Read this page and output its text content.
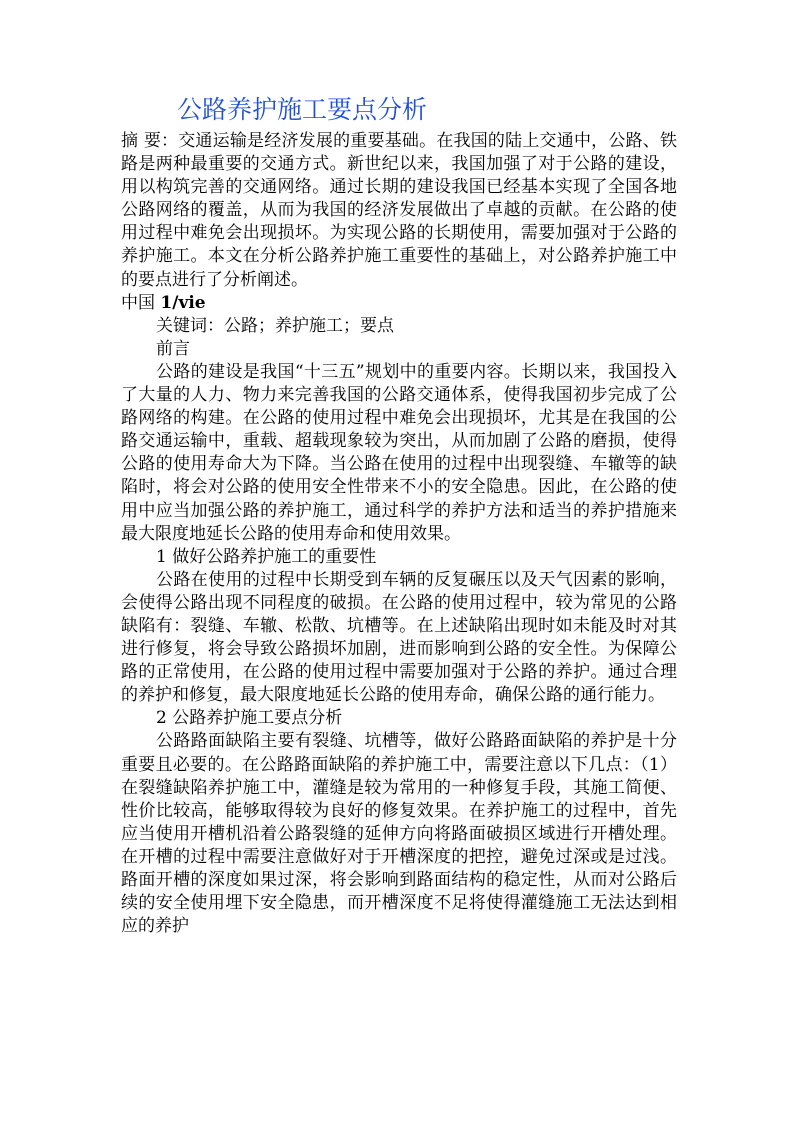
公路养护施工要点分析

摘 要：交通运输是经济发展的重要基础。在我国的陆上交通中，公路、铁路是两种最重要的交通方式。新世纪以来，我国加强了对于公路的建设，用以构筑完善的交通网络。通过长期的建设我国已经基本实现了全国各地公路网络的覆盖，从而为我国的经济发展做出了卓越的贡献。在公路的使用过程中难免会出现损坏。为实现公路的长期使用，需要加强对于公路的养护施工。本文在分析公路养护施工重要性的基础上，对公路养护施工中的要点进行了分析阐述。

中国 1/vie

关键词：公路；养护施工；要点

前言

公路的建设是我国“十三五”规划中的重要内容。长期以来，我国投入了大量的人力、物力来完善我国的公路交通体系，使得我国初步完成了公路网络的构建。在公路的使用过程中难免会出现损坏，尤其是在我国的公路交通运输中，重载、超载现象较为突出，从而加剧了公路的磨损，使得公路的使用寿命大为下降。当公路在使用的过程中出现裂缝、车辙等的缺陷时，将会对公路的使用安全性带来不小的安全隐患。因此，在公路的使用中应当加强公路的养护施工，通过科学的养护方法和适当的养护措施来最大限度地延长公路的使用寿命和使用效果。

1 做好公路养护施工的重要性

公路在使用的过程中长期受到车辆的反复碾压以及天气因素的影响，会使得公路出现不同程度的破损。在公路的使用过程中，较为常见的公路缺陷有：裂缝、车辙、松散、坑槽等。在上述缺陷出现时如未能及时对其进行修复，将会导致公路损坏加剧，进而影响到公路的安全性。为保障公路的正常使用，在公路的使用过程中需要加强对于公路的养护。通过合理的养护和修复，最大限度地延长公路的使用寿命，确保公路的通行能力。

2 公路养护施工要点分析

公路路面缺陷主要有裂缝、坑槽等，做好公路路面缺陷的养护是十分重要且必要的。在公路路面缺陷的养护施工中，需要注意以下几点：（1）在裂缝缺陷养护施工中，灌缝是较为常用的一种修复手段，其施工简便、性价比较高，能够取得较为良好的修复效果。在养护施工的过程中，首先应当使用开槽机沿着公路裂缝的延伸方向将路面破损区域进行开槽处理。在开槽的过程中需要注意做好对于开槽深度的把控，避免过深或是过浅。路面开槽的深度如果过深，将会影响到路面结构的稳定性，从而对公路后续的安全使用埋下安全隐患，而开槽深度不足将使得灌缝施工无法达到相应的养护
